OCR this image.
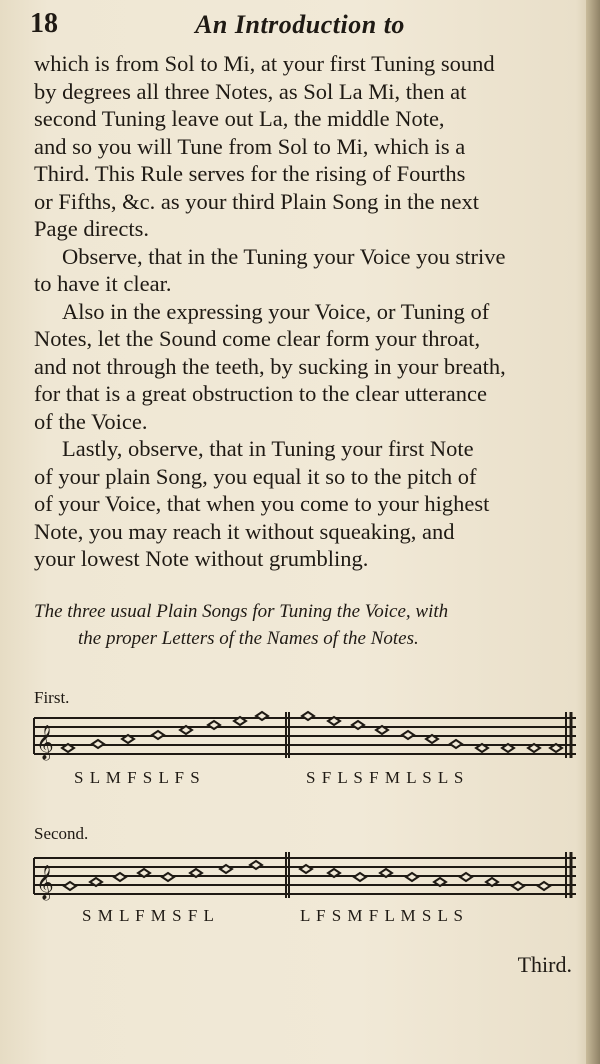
18	An Introduction to

which is from Sol to Mi, at your first Tuning sound

by degrees all three Notes, as Sol La Mi, then at

second Tuning leave out La, the middle Note,

and so you will Tune from Sol to Mi, which is a

Third. This Rule serves for the rising of Fourths

or Fifths, &c. as your third Plain Song in the next

Page directs.

Observe, that in the Tuning your Voice you strive

to have it clear.

Also in the expressing your Voice, or Tuning of

Notes, let the Sound come clear form your throat,

and not through the teeth, by sucking in your breath,

for that is a great obstruction to the clear utterance

of the Voice.

Lastly, observe, that in Tuning your first Note

of your plain Song, you equal it so to the pitch of

of your Voice, that when you come to your highest

Note, you may reach it without squeaking, and

your lowest Note without grumbling.

The three usual Plain Songs for Tuning the Voice, with
the proper Letters of the Names of the Notes.
First.
𝄞
S L M F S L F S	S F L S F M L S L S
Second.
𝄞
S M L F M S F L	L F S M F L M S L S
Third.
